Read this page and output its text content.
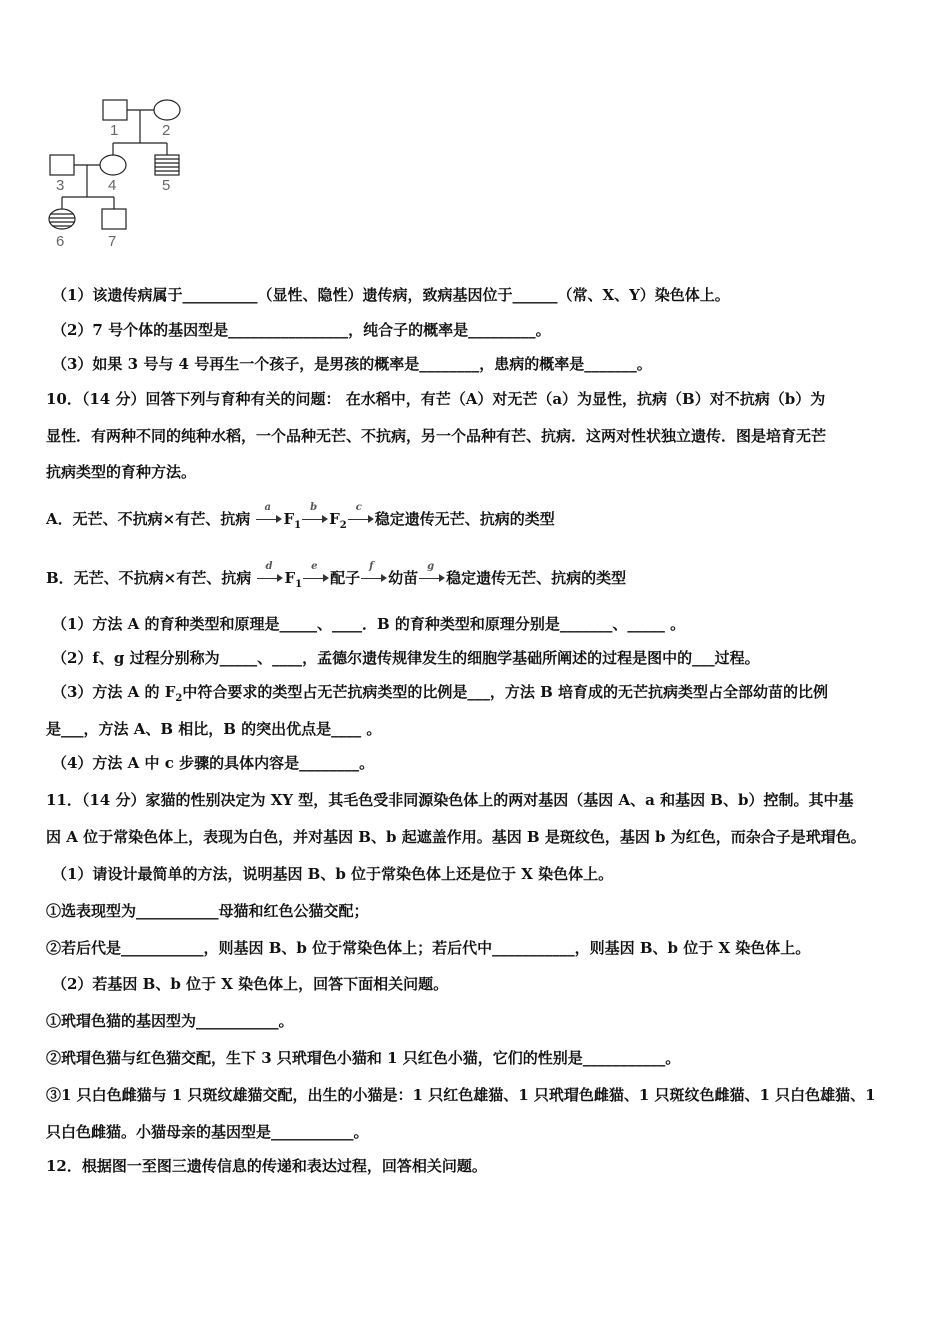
1	2
3	4	5
6	7
（1）该遗传病属于__________（显性、隐性）遗传病，致病基因位于______（常、X、Y）染色体上。
（2）7 号个体的基因型是________________，纯合子的概率是_________。
（3）如果 3 号与 4 号再生一个孩子，是男孩的概率是________，患病的概率是_______。
10．（14 分）回答下列与育种有关的问题： 在水稻中，有芒（A）对无芒（a）为显性，抗病（B）对不抗病（b）为
显性．有两种不同的纯种水稻，一个品种无芒、不抗病，另一个品种有芒、抗病．这两对性状独立遗传．图是培育无芒
抗病类型的育种方法。
A．无芒、不抗病×有芒、抗病
a
$F_1$
b
$F_2$
c
稳定遗传无芒、抗病的类型
B．无芒、不抗病×有芒、抗病
d
$F_1$
e
配子
f
幼苗
g
稳定遗传无芒、抗病的类型
（1）方法 A 的育种类型和原理是_____、____．B 的育种类型和原理分别是_______、_____ 。
（2）f、g 过程分别称为_____、____，孟德尔遗传规律发生的细胞学基础所阐述的过程是图中的___过程。
（3）方法 A 的 $F_2$中符合要求的类型占无芒抗病类型的比例是___，方法 B 培育成的无芒抗病类型占全部幼苗的比例
是___，方法 A、B 相比，B 的突出优点是____ 。
（4）方法 A 中 c 步骤的具体内容是________。
11．（14 分）家猫的性别决定为 XY 型，其毛色受非同源染色体上的两对基因（基因 A、a 和基因 B、b）控制。其中基
因 A 位于常染色体上，表现为白色，并对基因 B、b 起遮盖作用。基因 B 是斑纹色，基因 b 为红色，而杂合子是玳瑁色。
（1）请设计最简单的方法，说明基因 B、b 位于常染色体上还是位于 X 染色体上。
①选表现型为___________母猫和红色公猫交配；
②若后代是___________，则基因 B、b 位于常染色体上；若后代中___________，则基因 B、b 位于 X 染色体上。
（2）若基因 B、b 位于 X 染色体上，回答下面相关问题。
①玳瑁色猫的基因型为___________。
②玳瑁色猫与红色猫交配，生下 3 只玳瑁色小猫和 1 只红色小猫，它们的性别是___________。
③1 只白色雌猫与 1 只斑纹雄猫交配，出生的小猫是：1 只红色雄猫、1 只玳瑁色雌猫、1 只斑纹色雌猫、1 只白色雄猫、1
只白色雌猫。小猫母亲的基因型是___________。
12．根据图一至图三遗传信息的传递和表达过程，回答相关问题。
